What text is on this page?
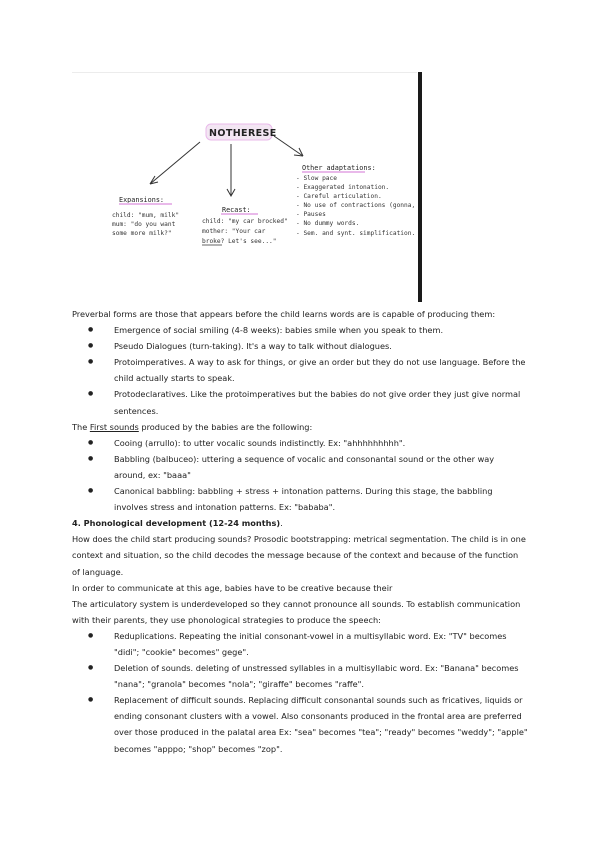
NOTHERESE
Expansions:
child: "mum, milk"
mum: "do you want
some more milk?"
Recast:
child: "my car brocked"
mother: "Your car
broke? Let's see..."
Other adaptations:
- Slow pace
- Exaggerated intonation.
- Careful articulation.
- No use of contractions (gonna,
- Pauses
- No dummy words.
- Sem. and synt. simplification.

Preverbal forms are those that appears before the child learns words are is capable of producing them:

● Emergence of social smiling (4-8 weeks): babies smile when you speak to them.
● Pseudo Dialogues (turn-taking). It's a way to talk without dialogues.
● Protoimperatives. A way to ask for things, or give an order but they do not use language. Before the child actually starts to speak.
● Protodeclaratives. Like the protoimperatives but the babies do not give order they just give normal sentences.

The First sounds produced by the babies are the following:

● Cooing (arrullo): to utter vocalic sounds indistinctly. Ex: "ahhhhhhhhh".
● Babbling (balbuceo): uttering a sequence of vocalic and consonantal sound or the other way around, ex: "baaa"
● Canonical babbling: babbling + stress + intonation patterns. During this stage, the babbling involves stress and intonation patterns. Ex: "bababa".

4. Phonological development (12-24 months).

How does the child start producing sounds? Prosodic bootstrapping: metrical segmentation. The child is in one context and situation, so the child decodes the message because of the context and because of the function of language.

In order to communicate at this age, babies have to be creative because their

The articulatory system is underdeveloped so they cannot pronounce all sounds. To establish communication with their parents, they use phonological strategies to produce the speech:

● Reduplications. Repeating the initial consonant-vowel in a multisyllabic word. Ex: "TV" becomes "didi"; "cookie" becomes" gege".
● Deletion of sounds. deleting of unstressed syllables in a multisyllabic word. Ex: "Banana" becomes "nana"; "granola" becomes "nola"; "giraffe" becomes "raffe".
● Replacement of difficult sounds. Replacing difficult consonantal sounds such as fricatives, liquids or ending consonant clusters with a vowel. Also consonants produced in the frontal area are preferred over those produced in the palatal area Ex: "sea" becomes "tea"; "ready" becomes "weddy"; "apple" becomes "apppo; "shop" becomes "zop".
